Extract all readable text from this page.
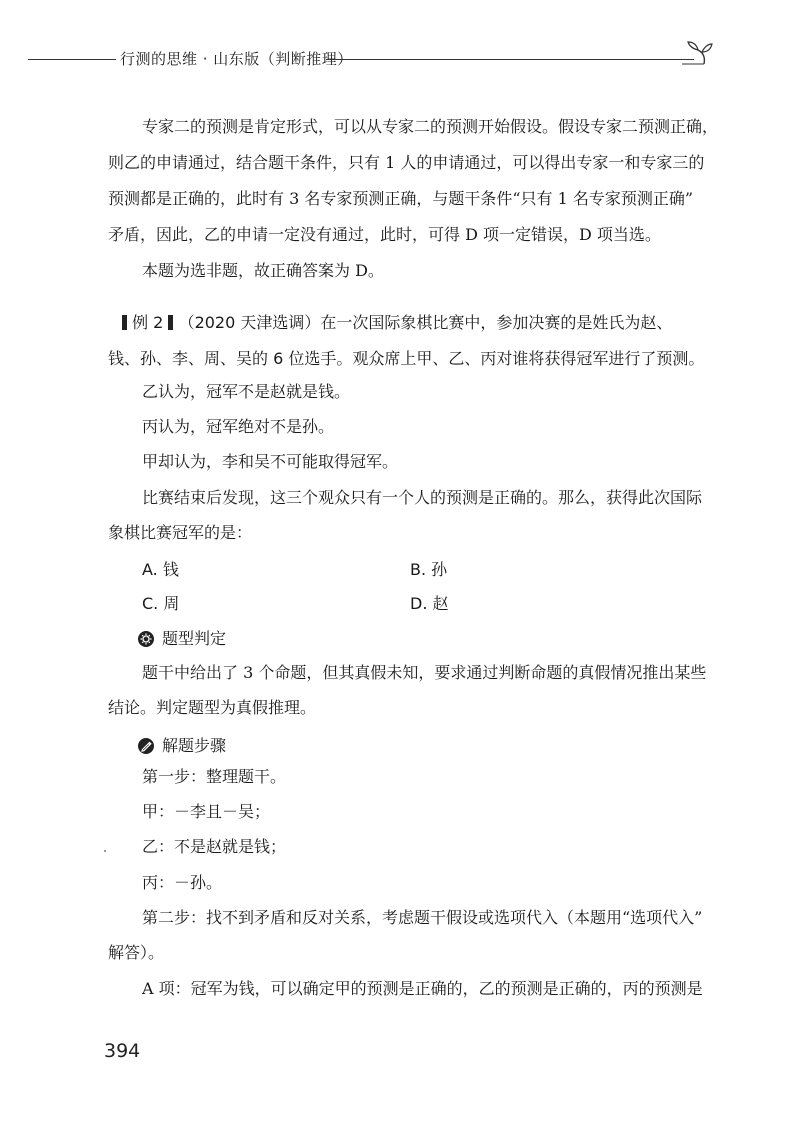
行测的思维 · 山东版（判断推理）
专家二的预测是肯定形式，可以从专家二的预测开始假设。假设专家二预测正确，
则乙的申请通过，结合题干条件，只有 1 人的申请通过，可以得出专家一和专家三的
预测都是正确的，此时有 3 名专家预测正确，与题干条件“只有 1 名专家预测正确”
矛盾，因此，乙的申请一定没有通过，此时，可得 D 项一定错误，D 项当选。
本题为选非题，故正确答案为 D。
例 2 （2020 天津选调）在一次国际象棋比赛中，参加决赛的是姓氏为赵、
钱、孙、李、周、吴的 6 位选手。观众席上甲、乙、丙对谁将获得冠军进行了预测。
乙认为，冠军不是赵就是钱。
丙认为，冠军绝对不是孙。
甲却认为，李和吴不可能取得冠军。
比赛结束后发现，这三个观众只有一个人的预测是正确的。那么，获得此次国际
象棋比赛冠军的是：
A. 钱	B. 孙
C. 周	D. 赵
题型判定
题干中给出了 3 个命题，但其真假未知，要求通过判断命题的真假情况推出某些
结论。判定题型为真假推理。
解题步骤
第一步：整理题干。
甲：－李且－吴；
乙：不是赵就是钱；
丙：－孙。
第二步：找不到矛盾和反对关系，考虑题干假设或选项代入（本题用“选项代入”
解答）。
A 项：冠军为钱，可以确定甲的预测是正确的，乙的预测是正确的，丙的预测是
394
